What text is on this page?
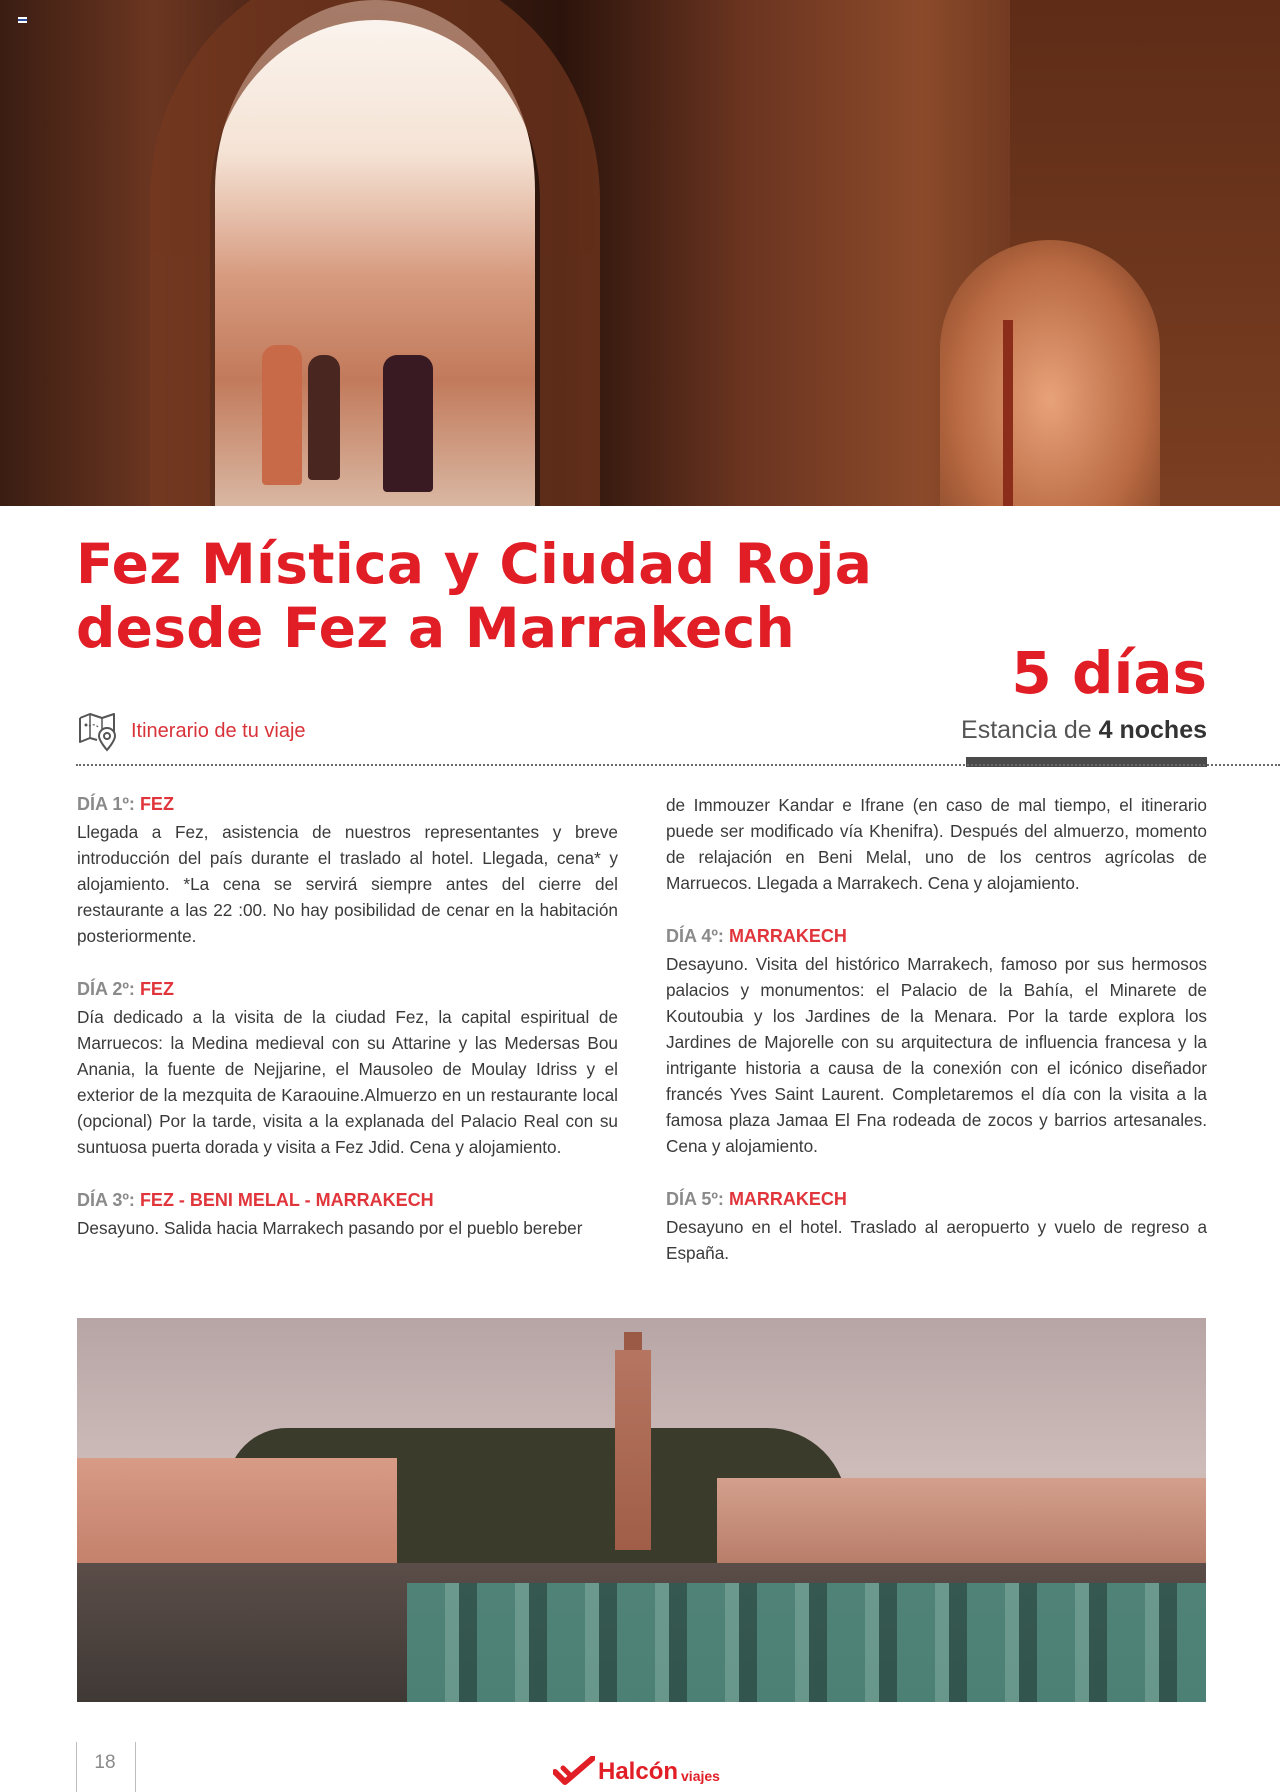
Fez Mística y Ciudad Roja
desde Fez a Marrakech
5 días
Estancia de 4 noches
Itinerario de tu viaje
DÍA 1º: FEZ

Llegada a Fez, asistencia de nuestros representantes y breve introducción del país durante el traslado al hotel. Llegada, cena* y alojamiento. *La cena se servirá siempre antes del cierre del restaurante a las 22 :00. No hay posibilidad de cenar en la habitación posteriormente.

DÍA 2º: FEZ

Día dedicado a la visita de la ciudad Fez, la capital espiritual de Marruecos: la Medina medieval con su Attarine y las Medersas Bou Anania, la fuente de Nejjarine, el Mausoleo de Moulay Idriss y el exterior de la mezquita de Karaouine.Almuerzo en un restaurante local (opcional) Por la tarde, visita a la explanada del Palacio Real con su suntuosa puerta dorada y visita a Fez Jdid. Cena y alojamiento.

DÍA 3º: FEZ - BENI MELAL - MARRAKECH

Desayuno. Salida hacia Marrakech pasando por el pueblo bereber

de Immouzer Kandar e Ifrane (en caso de mal tiempo, el itinerario puede ser modificado vía Khenifra). Después del almuerzo, momento de relajación en Beni Melal, uno de los centros agrícolas de Marruecos. Llegada a Marrakech. Cena y alojamiento.

DÍA 4º: MARRAKECH

Desayuno. Visita del histórico Marrakech, famoso por sus hermosos palacios y monumentos: el Palacio de la Bahía, el Minarete de Koutoubia y los Jardines de la Menara. Por la tarde explora los Jardines de Majorelle con su arquitectura de influencia francesa y la intrigante historia a causa de la conexión con el icónico diseñador francés Yves Saint Laurent. Completaremos el día con la visita a la famosa plaza Jamaa El Fna rodeada de zocos y barrios artesanales. Cena y alojamiento.

DÍA 5º: MARRAKECH

Desayuno en el hotel. Traslado al aeropuerto y vuelo de regreso a España.

18	Halcón viajes
